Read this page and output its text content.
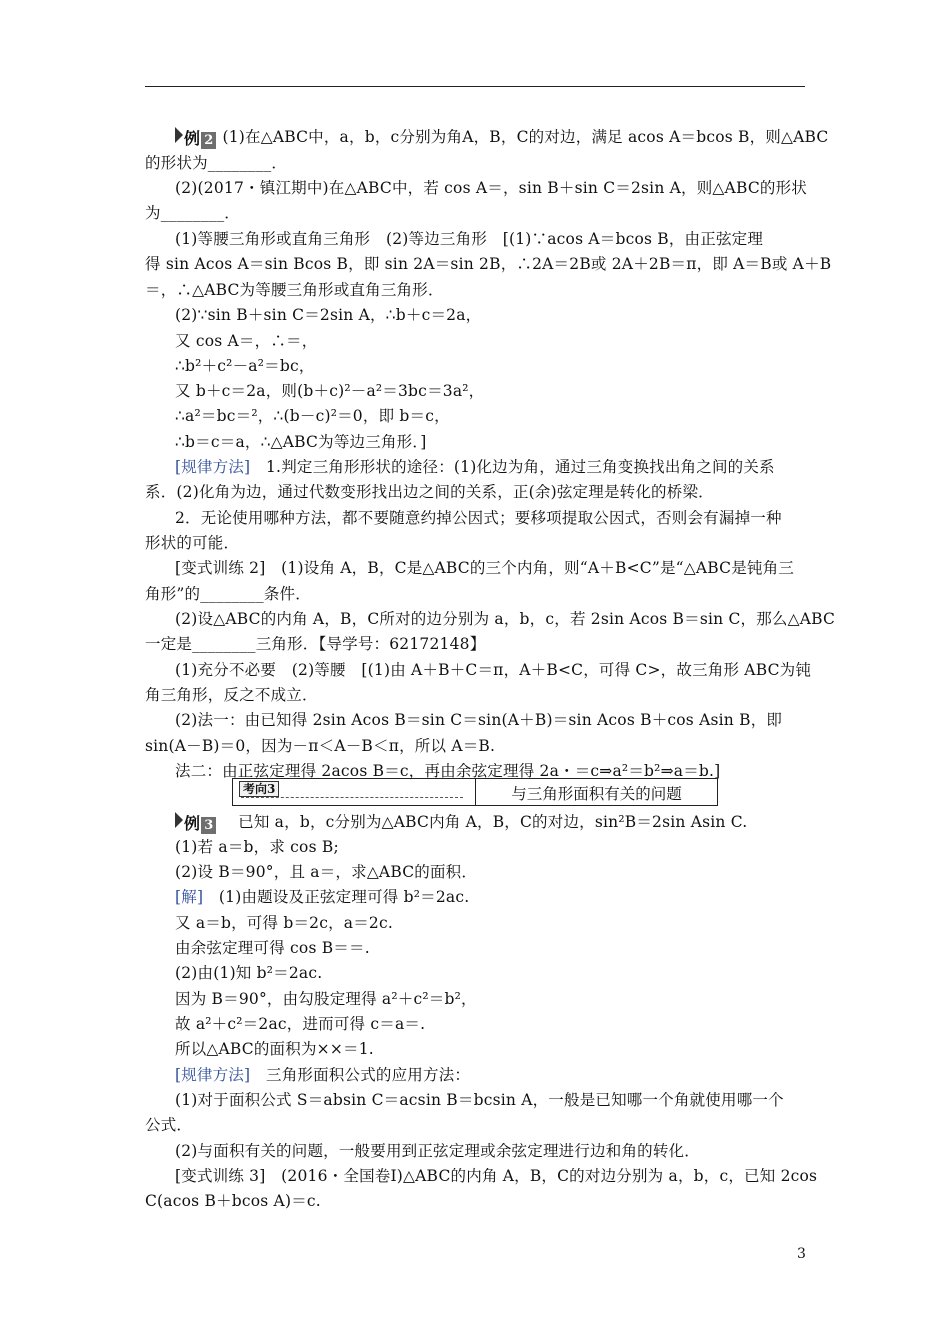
例 2 (1)在△ABC中，a，b，c分别为角A，B，C的对边，满足 acos A＝bcos B，则△ABC
的形状为________．
(2)(2017・镇江期中)在△ABC中，若 cos A＝，sin B＋sin C＝2sin A，则△ABC的形状
为________．
(1)等腰三角形或直角三角形　(2)等边三角形　[(1)∵acos A＝bcos B，由正弦定理
得 sin Acos A＝sin Bcos B，即 sin 2A＝sin 2B，∴2A＝2B或 2A＋2B＝π，即 A＝B或 A＋B
＝，∴△ABC为等腰三角形或直角三角形．
(2)∵sin B＋sin C＝2sin A，∴b＋c＝2a，
又 cos A＝，∴＝，
∴b²＋c²－a²＝bc，
又 b＋c＝2a，则(b＋c)²－a²＝3bc＝3a²，
∴a²＝bc＝²，∴(b－c)²＝0，即 b＝c，
∴b＝c＝a，∴△ABC为等边三角形．]
[规律方法]　 1.判定三角形形状的途径：(1)化边为角，通过三角变换找出角之间的关系
系．(2)化角为边，通过代数变形找出边之间的关系，正(余)弦定理是转化的桥梁．
2．无论使用哪种方法，都不要随意约掉公因式；要移项提取公因式，否则会有漏掉一种
形状的可能．
[变式训练 2]　(1)设角 A，B，C是△ABC的三个内角，则“A＋B<C”是“△ABC是钝角三
角形”的________条件．
(2)设△ABC的内角 A，B，C所对的边分别为 a，b，c，若 2sin Acos B＝sin C，那么△ABC
一定是________三角形．【导学号：62172148】
(1)充分不必要　(2)等腰　[(1)由 A＋B＋C＝π，A＋B<C，可得 C>，故三角形 ABC为钝
角三角形，反之不成立．
(2)法一：由已知得 2sin Acos B＝sin C＝sin(A＋B)＝sin Acos B＋cos Asin B，即
sin(A－B)＝0，因为－π＜A－B＜π，所以 A＝B.
法二：由正弦定理得 2acos B＝c，再由余弦定理得 2a・＝c⇒a²＝b²⇒a＝b.]
考向3	与三角形面积有关的问题
例 3　 已知 a，b，c分别为△ABC内角 A，B，C的对边，sin²B＝2sin Asin C.
(1)若 a＝b，求 cos B;
(2)设 B＝90°，且 a＝，求△ABC的面积．
[解]　 (1)由题设及正弦定理可得 b²＝2ac.
又 a＝b，可得 b＝2c，a＝2c.
由余弦定理可得 cos B＝＝.
(2)由(1)知 b²＝2ac.
因为 B＝90°，由勾股定理得 a²＋c²＝b²，
故 a²＋c²＝2ac，进而可得 c＝a＝.
所以△ABC的面积为××＝1.
[规律方法]　 三角形面积公式的应用方法：
(1)对于面积公式 S＝absin C＝acsin B＝bcsin A，一般是已知哪一个角就使用哪一个
公式．
(2)与面积有关的问题，一般要用到正弦定理或余弦定理进行边和角的转化．
[变式训练 3]　(2016・全国卷Ⅰ)△ABC的内角 A，B，C的对边分别为 a，b，c，已知 2cos
C(acos B＋bcos A)＝c.
3
